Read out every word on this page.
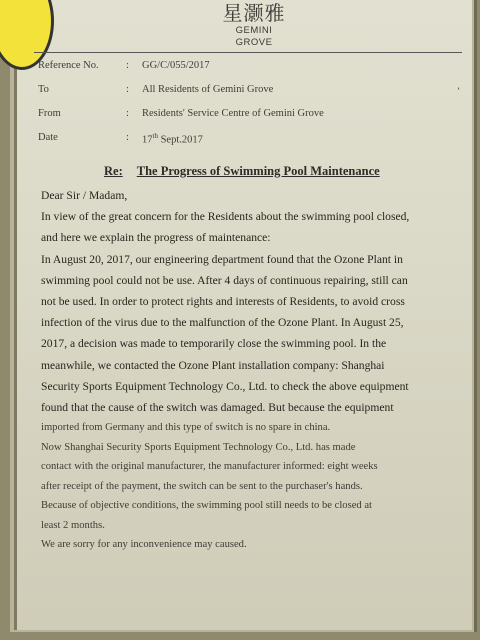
星灏雅
GEMINI
GROVE
’
Reference No.	: GG/C/055/2017
To	: All Residents of Gemini Grove
From	: Residents' Service Centre of Gemini Grove
Date	: 17th Sept.2017
Re: The Progress of Swimming Pool Maintenance
Dear Sir / Madam,

In view of the great concern for the Residents about the swimming pool closed,
and here we explain the progress of maintenance:

In August 20, 2017, our engineering department found that the Ozone Plant in
swimming pool could not be use. After 4 days of continuous repairing, still can
not be used. In order to protect rights and interests of Residents, to avoid cross
infection of the virus due to the malfunction of the Ozone Plant. In August 25,
2017, a decision was made to temporarily close the swimming pool. In the
meanwhile, we contacted the Ozone Plant installation company: Shanghai
Security Sports Equipment Technology Co., Ltd. to check the above equipment
found that the cause of the switch was damaged. But because the equipment
imported from Germany and this type of switch is no spare in china.

Now Shanghai Security Sports Equipment Technology Co., Ltd. has made
contact with the original manufacturer, the manufacturer informed: eight weeks
after receipt of the payment, the switch can be sent to the purchaser's hands.
Because of objective conditions, the swimming pool still needs to be closed at
least 2 months.

We are sorry for any inconvenience may caused.
